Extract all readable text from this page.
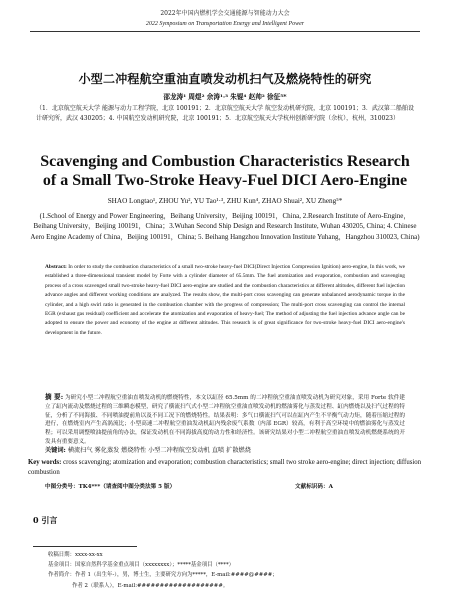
2022年中国内燃机学会交通能源与智能动力大会
2022 Symposium on Transportation Energy and Intelligent Power
小型二冲程航空重油直喷发动机扫气及燃烧特性的研究
邵龙涛¹ 周煜² 余涛¹·³ 朱锟⁴ 赵帅² 徐征⁵*
（1．北京航空航天大学 能源与动力工程学院，北京 100191；2．北京航空航天大学 航空发动机研究院，北京 100191；3．武汉第二船舶设计研究所，武汉 430205；4. 中国航空发动机研究院，北京 100191；5．北京航空航天大学杭州创新研究院（余杭），杭州，310023）
Scavenging and Combustion Characteristics Research
of a Small Two-Stroke Heavy-Fuel DICI Aero-Engine
SHAO Longtao¹, ZHOU Yu², YU Tao¹·³, ZHU Kun⁴, ZHAO Shuai², XU Zheng⁵*
(1.School of Energy and Power Engineering，Beihang University，Beijing 100191，China, 2.Research Institute of Aero-Engine，Beihang University，Beijing 100191，China；3.Wuhan Second Ship Design and Research Institute, Wuhan 430205, China; 4. Chinese Aero Engine Academy of China，Beijing 100191，China; 5. Beihang Hangzhou Innovation Institute Yuhang，Hangzhou 310023, China)
Abstract: In order to study the combustion characteristics of a small two-stroke heavy-fuel DICI(Direct Injection Compression Ignition) aero-engine, In this work, we established a three-dimensional transient model by Forte with a cylinder diameter of 65.5mm. The fuel atomization and evaporation, combustion and scavenging process of a cross scavenged small two-stroke heavy-fuel DICI aero-engine are studied and the combustion characteristics at different altitudes, different fuel injection advance angles and different working conditions are analyzed. The results show, the multi-port cross scavenging can generate unbalanced aerodynamic torque in the cylinder, and a high swirl ratio is generated in the combustion chamber with the progress of compression; The multi-port cross scavenging can control the internal EGR (exhaust gas residual) coefficient and accelerate the atomization and evaporation of heavy-fuel; The method of adjusting the fuel injection advance angle can be adopted to ensure the power and economy of the engine at different altitudes. This research is of great significance for two-stroke heavy-fuel DICI aero-engine's development in the future.
摘 要: 为研究小型二冲程航空重油直喷发动机的燃烧特性，本文以缸径 65.5mm 的二冲程航空重油直喷发动机为研究对象，采用 Forte 软件建立了缸内流动及燃烧过程的三维瞬态模型，研究了横流扫气式小型二冲程航空重油直喷发动机的燃油雾化与蒸发过程、缸内燃烧以及扫气过程的特征，分析了不同海拔、不同喷油提前角以及不同工况下的燃烧特性。结果表明：多气口横流扫气可以在缸内产生不平衡气动力矩，随着压缩过程的进行，在燃烧室内产生高涡流比；小型高速二冲程航空重油发动机缸内残余废气系数（内部 EGR）较高，有利于高空环境中的燃油雾化与蒸发过程；可以采用调整喷油提前角的办法，保证发动机在不同海拔高度的动力性和经济性。该研究结果对小型二冲程航空重油直喷发动机燃烧系统的开发具有重要意义。
关键词: 横流扫气 雾化蒸发 燃烧特性 小型二冲程航空发动机 直喷 扩散燃烧
Key words: cross scavenging; atomization and evaporation; combustion characteristics; small two stroke aero-engine; direct injection; diffusion combustion
中图分类号：TK4***（请查阅中图分类法第 5 版）	文献标识码：A
0 引言
收稿日期：xxxx-xx-xx
基金项目：国家自然科学基金重点项目（xxxxxxxx）；*****基金项目（****）
作者简介：作者 1（出生年-），男，博士生，主要研究方向为*****，E-mail:####@####；
作者 2（联系人），E-mail:###################。
